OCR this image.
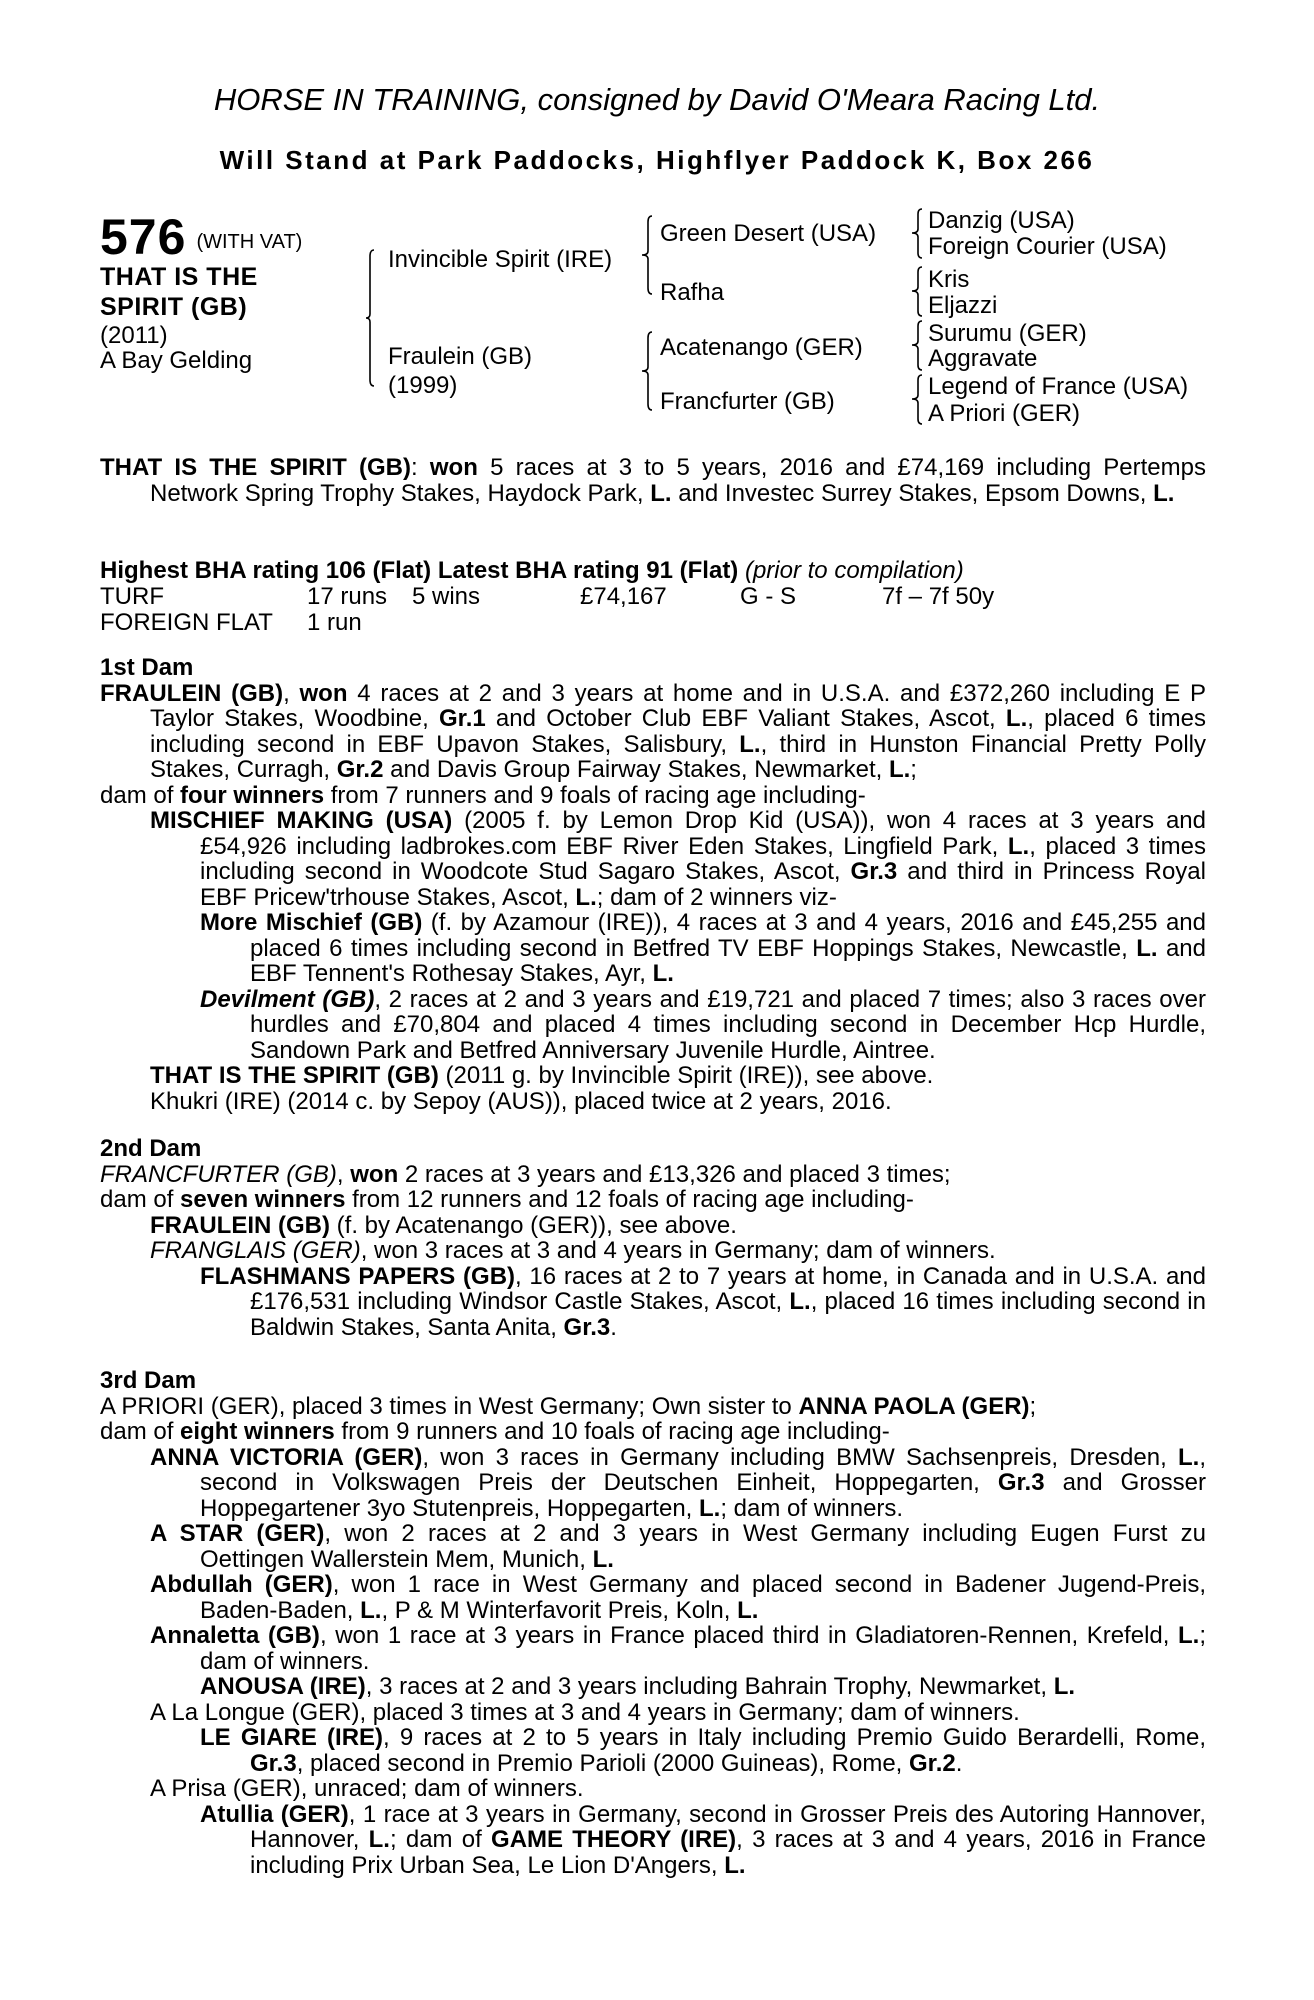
HORSE IN TRAINING, consigned by David O'Meara Racing Ltd.
Will Stand at Park Paddocks, Highflyer Paddock K, Box 266
576 (WITH VAT)
THAT IS THE
SPIRIT (GB)
(2011)
A Bay Gelding
Invincible Spirit (IRE)
Fraulein (GB)
(1999)
Green Desert (USA)
Rafha
Acatenango (GER)
Francfurter (GB)
Danzig (USA)
Foreign Courier (USA)
Kris
Eljazzi
Surumu (GER)
Aggravate
Legend of France (USA)
A Priori (GER)

THAT IS THE SPIRIT (GB): won 5 races at 3 to 5 years, 2016 and £74,169 including Pertemps Network Spring Trophy Stakes, Haydock Park, L. and Investec Surrey Stakes, Epsom Downs, L.

Highest BHA rating 106 (Flat) Latest BHA rating 91 (Flat) (prior to compilation)

TURF	17 runs 5 wins	£74,167	G - S	7f – 7f 50y
FOREIGN FLAT 1 run

1st Dam

FRAULEIN (GB), won 4 races at 2 and 3 years at home and in U.S.A. and £372,260 including E P Taylor Stakes, Woodbine, Gr.1 and October Club EBF Valiant Stakes, Ascot, L., placed 6 times including second in EBF Upavon Stakes, Salisbury, L., third in Hunston Financial Pretty Polly Stakes, Curragh, Gr.2 and Davis Group Fairway Stakes, Newmarket, L.;

dam of four winners from 7 runners and 9 foals of racing age including-

MISCHIEF MAKING (USA) (2005 f. by Lemon Drop Kid (USA)), won 4 races at 3 years and £54,926 including ladbrokes.com EBF River Eden Stakes, Lingfield Park, L., placed 3 times including second in Woodcote Stud Sagaro Stakes, Ascot, Gr.3 and third in Princess Royal EBF Pricew'trhouse Stakes, Ascot, L.; dam of 2 winners viz-

More Mischief (GB) (f. by Azamour (IRE)), 4 races at 3 and 4 years, 2016 and £45,255 and placed 6 times including second in Betfred TV EBF Hoppings Stakes, Newcastle, L. and EBF Tennent's Rothesay Stakes, Ayr, L.

Devilment (GB), 2 races at 2 and 3 years and £19,721 and placed 7 times; also 3 races over hurdles and £70,804 and placed 4 times including second in December Hcp Hurdle, Sandown Park and Betfred Anniversary Juvenile Hurdle, Aintree.

THAT IS THE SPIRIT (GB) (2011 g. by Invincible Spirit (IRE)), see above.

Khukri (IRE) (2014 c. by Sepoy (AUS)), placed twice at 2 years, 2016.

2nd Dam

FRANCFURTER (GB), won 2 races at 3 years and £13,326 and placed 3 times;

dam of seven winners from 12 runners and 12 foals of racing age including-

FRAULEIN (GB) (f. by Acatenango (GER)), see above.

FRANGLAIS (GER), won 3 races at 3 and 4 years in Germany; dam of winners.

FLASHMANS PAPERS (GB), 16 races at 2 to 7 years at home, in Canada and in U.S.A. and £176,531 including Windsor Castle Stakes, Ascot, L., placed 16 times including second in Baldwin Stakes, Santa Anita, Gr.3.

3rd Dam

A PRIORI (GER), placed 3 times in West Germany; Own sister to ANNA PAOLA (GER);

dam of eight winners from 9 runners and 10 foals of racing age including-

ANNA VICTORIA (GER), won 3 races in Germany including BMW Sachsenpreis, Dresden, L., second in Volkswagen Preis der Deutschen Einheit, Hoppegarten, Gr.3 and Grosser Hoppegartener 3yo Stutenpreis, Hoppegarten, L.; dam of winners.

A STAR (GER), won 2 races at 2 and 3 years in West Germany including Eugen Furst zu Oettingen Wallerstein Mem, Munich, L.

Abdullah (GER), won 1 race in West Germany and placed second in Badener Jugend-Preis, Baden-Baden, L., P & M Winterfavorit Preis, Koln, L.

Annaletta (GB), won 1 race at 3 years in France placed third in Gladiatoren-Rennen, Krefeld, L.; dam of winners.

ANOUSA (IRE), 3 races at 2 and 3 years including Bahrain Trophy, Newmarket, L.

A La Longue (GER), placed 3 times at 3 and 4 years in Germany; dam of winners.

LE GIARE (IRE), 9 races at 2 to 5 years in Italy including Premio Guido Berardelli, Rome, Gr.3, placed second in Premio Parioli (2000 Guineas), Rome, Gr.2.

A Prisa (GER), unraced; dam of winners.

Atullia (GER), 1 race at 3 years in Germany, second in Grosser Preis des Autoring Hannover, Hannover, L.; dam of GAME THEORY (IRE), 3 races at 3 and 4 years, 2016 in France including Prix Urban Sea, Le Lion D'Angers, L.
